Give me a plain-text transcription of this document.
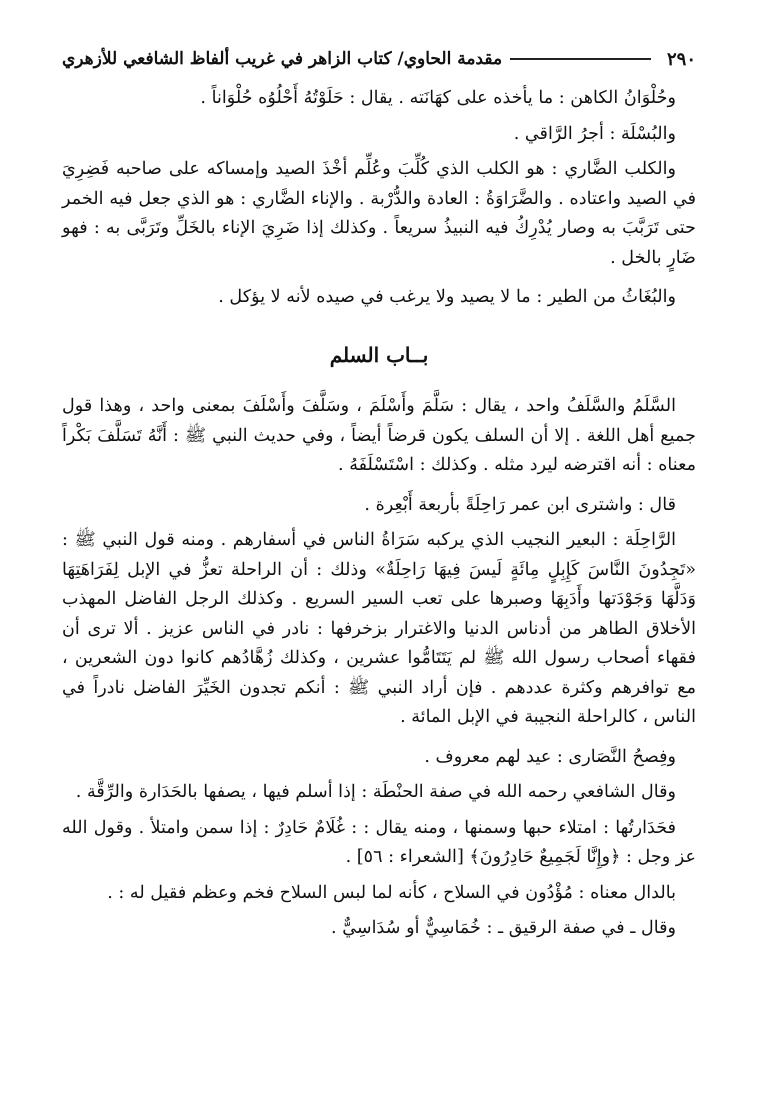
٢٩٠
مقدمة الحاوي/ كتاب الزاهر في غريب ألفاظ الشافعي للأزهري

وحُلْوَانُ الكاهن : ما يأخذه على كهَانَته . يقال : حَلَوْتُهُ أَحْلُوُه حُلْوَاناً .

والبُسْلَة : أجرُ الرَّاقي .

والكلب الضَّاري : هو الكلب الذي كُلِّبَ وعُلِّم أخْذَ الصيد وإمساكه على صاحبه فَضِرِيَ في الصيد واعتاده . والضَّرَاوَةُ : العادة والدُّرْبة . والإناء الضَّاري : هو الذي جعل فيه الخمر حتى تَرَبَّبَ به وصار يُدْرِكُ فيه النبيذُ سريعاً . وكذلك إذا ضَرِيَ الإناء بالخَلِّ وتَرَبَّى به : فهو ضَارٍ بالخل .

والبُغَاثُ من الطير : ما لا يصيد ولا يرغب في صيده لأنه لا يؤكل .

بــاب السلم

السَّلَمُ والسَّلَفُ واحد ، يقال : سَلَّمَ وأَسْلَمَ ، وسَلَّفَ وأَسْلَفَ بمعنى واحد ، وهذا قول جميع أهل اللغة . إلا أن السلف يكون قرضاً أيضاً ، وفي حديث النبي ﷺ : أَنَّهُ تَسَلَّفَ بَكْراً معناه : أنه اقترضه ليرد مثله . وكذلك : اسْتَسْلَفَهُ .

قال : واشترى ابن عمر رَاحِلَةً بأربعة أَبْعِرة .

الرَّاحِلَة : البعير النجيب الذي يركبه سَرَاةُ الناس في أسفارهم . ومنه قول النبي ﷺ : «تَجِدُونَ النَّاسَ كَإِبِلٍ مِائَةٍ لَيسَ فِيهَا رَاحِلَةٌ» وذلك : أن الراحلة تعزُّ في الإبل لِفَرَاهَتِهَا وَدَلَّهَا وَجَوْدَتها وأَدَبِهَا وصبرها على تعب السير السريع . وكذلك الرجل الفاضل المهذب الأخلاق الطاهر من أدناس الدنيا والاغترار بزخرفها : نادر في الناس عزيز . ألا ترى أن فقهاء أصحاب رسول الله ﷺ لم يَتَتَامُّوا عشرين ، وكذلك زُهَّادُهم كانوا دون الشعرين ، مع توافرهم وكثرة عددهم . فإن أراد النبي ﷺ : أنكم تجدون الخَيِّرَ الفاضل نادراً في الناس ، كالراحلة النجيبة في الإبل المائة .

وفِصحُ النَّصَارى : عيد لهم معروف .

وقال الشافعي رحمه الله في صفة الحنْطَة : إذا أسلم فيها ، يصفها بالحَدَارة والرِّقَّة .

فحَدَارتُها : امتلاء حبها وسمنها ، ومنه يقال : : غُلَامٌ حَادِرٌ : إذا سمن وامتلأ . وقول الله عز وجل : ﴿وإِنَّا لَجَمِيعٌ حَادِرُونَ﴾ [الشعراء : ٥٦] .

بالدال معناه : مُؤْدُون في السلاح ، كأنه لما لبس السلاح فخم وعظم فقيل له : .

وقال ـ في صفة الرقيق ـ : خُمَاسِيٌّ أو سُدَاسِيٌّ .
